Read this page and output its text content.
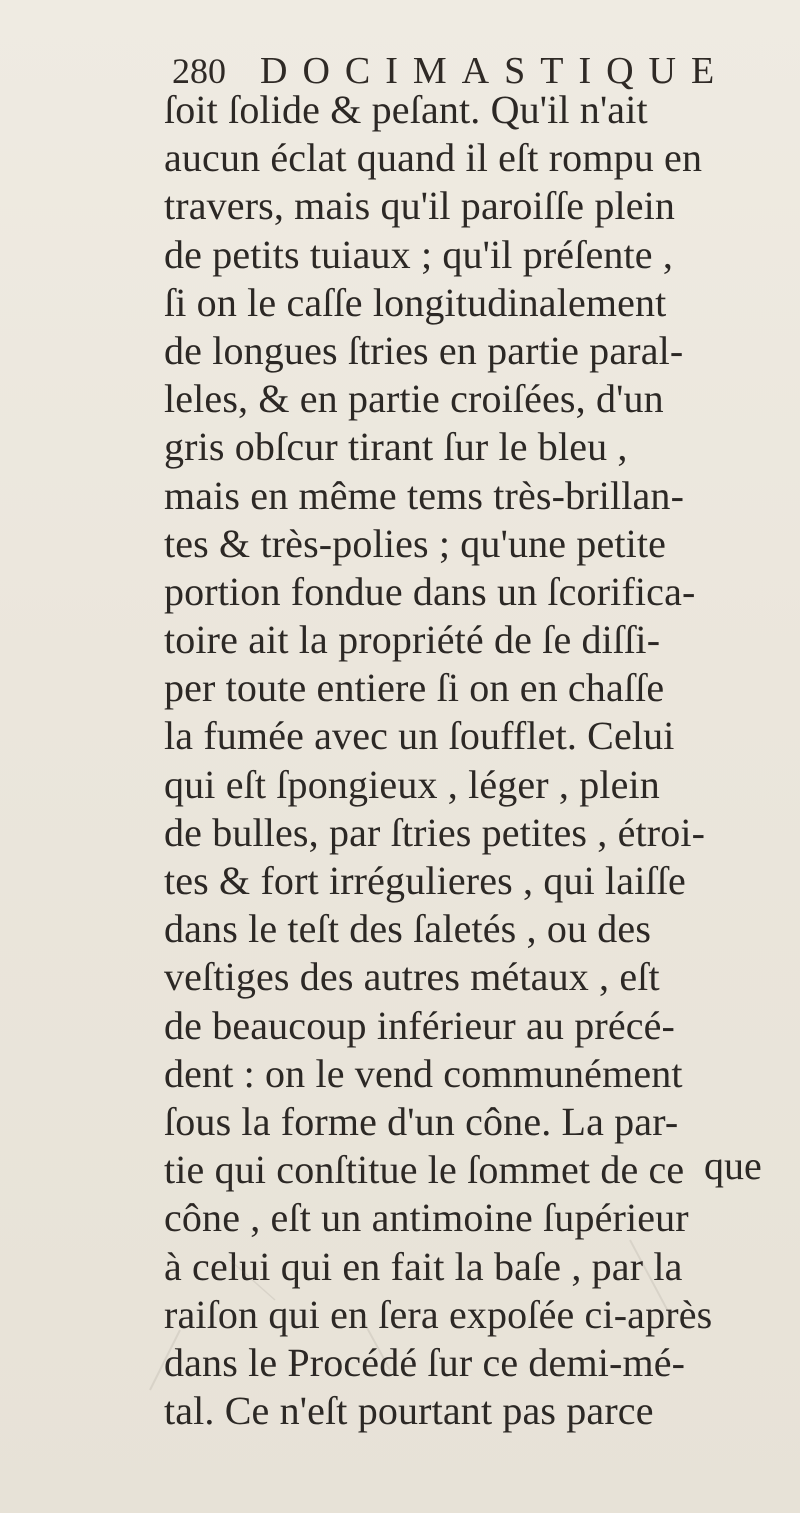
280 DOCIMASTIQUE
ſoit ſolide & peſant. Qu'il n'ait
aucun éclat quand il eſt rompu en
travers, mais qu'il paroiſſe plein
de petits tuiaux ; qu'il préſente ,
ſi on le caſſe longitudinalement
de longues ſtries en partie paral-
leles, & en partie croiſées, d'un
gris obſcur tirant ſur le bleu ,
mais en même tems très-brillan-
tes & très-polies ; qu'une petite
portion fondue dans un ſcorifica-
toire ait la propriété de ſe diſſi-
per toute entiere ſi on en chaſſe
la fumée avec un ſoufflet. Celui
qui eſt ſpongieux , léger , plein
de bulles, par ſtries petites , étroi-
tes & fort irrégulieres , qui laiſſe
dans le teſt des ſaletés , ou des
veſtiges des autres métaux , eſt
de beaucoup inférieur au précé-
dent : on le vend communément
ſous la forme d'un cône. La par-
tie qui conſtitue le ſommet de ce
cône , eſt un antimoine ſupérieur
à celui qui en fait la baſe , par la
raiſon qui en ſera expoſée ci-après
dans le Procédé ſur ce demi-mé-
tal. Ce n'eſt pourtant pas parce
que
